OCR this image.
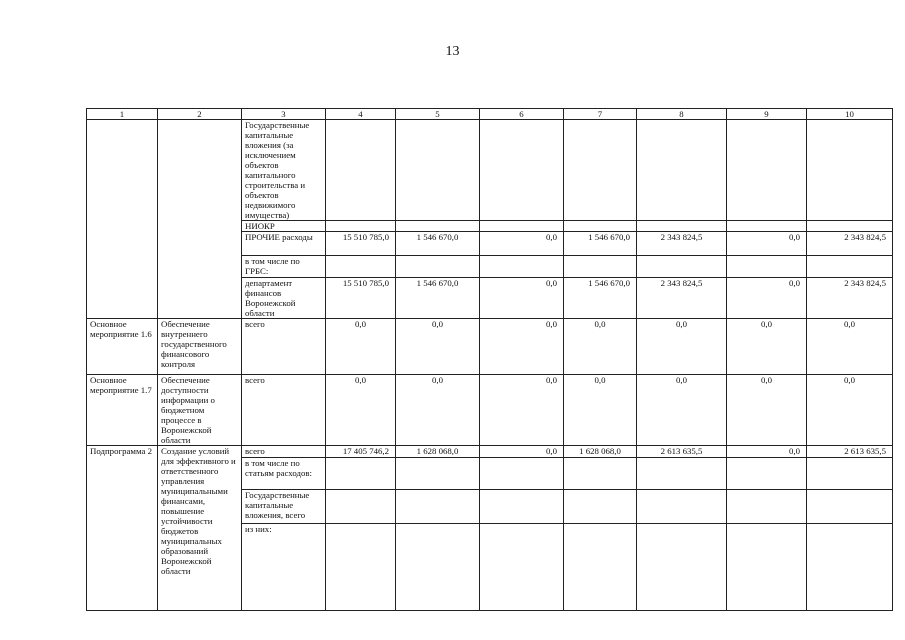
13
1	2	3	4	5	6	7	8	9	10
		Государственные капитальные вложения (за исключением объектов капитального строительства и объектов недвижимого имущества)							
		НИОКР							
		ПРОЧИЕ расходы	15 510 785,0	1 546 670,0	0,0	1 546 670,0	2 343 824,5	0,0	2 343 824,5
		в том числе по ГРБС:							
		департамент финансов Воронежской области	15 510 785,0	1 546 670,0	0,0	1 546 670,0	2 343 824,5	0,0	2 343 824,5
Основное мероприятие 1.6	Обеспечение внутреннего государственного финансового контроля	всего	0,0	0,0	0,0	0,0	0,0	0,0	0,0
Основное мероприятие 1.7	Обеспечение доступности информации о бюджетном процессе в Воронежской области	всего	0,0	0,0	0,0	0,0	0,0	0,0	0,0
Подпрограмма 2	Создание условий для эффективного и ответственного управления муниципальными финансами, повышение устойчивости бюджетов муниципальных образований Воронежской области	всего	17 405 746,2	1 628 068,0	0,0	1 628 068,0	2 613 635,5	0,0	2 613 635,5
		в том числе по статьям расходов:							
		Государственные капитальные вложения, всего							
		из них:							
